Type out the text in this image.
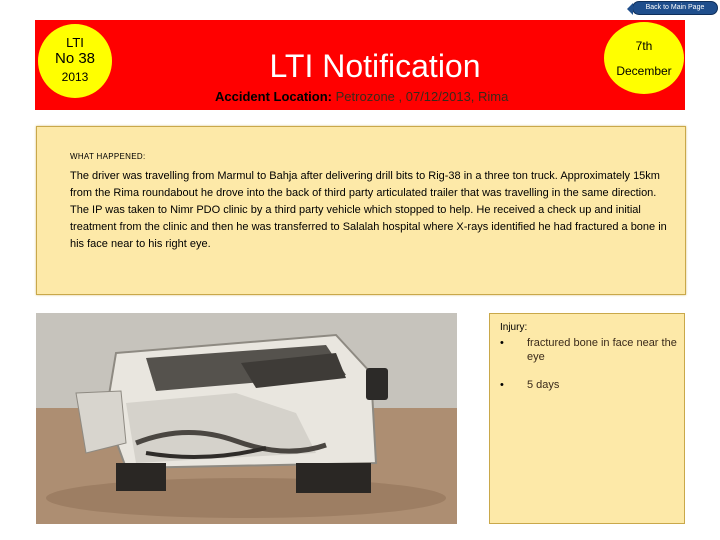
Back to Main Page
LTI
No 38
2013	LTI Notification
7th
December
Accident Location: Petrozone , 07/12/2013, Rima
WHAT HAPPENED:

The driver was travelling from Marmul to Bahja after delivering drill bits to Rig-38 in a three ton truck. Approximately 15km from the Rima roundabout he drove into the back of third party articulated trailer that was travelling in the same direction.

The IP was taken to Nimr PDO clinic by a third party vehicle which stopped to help. He received a check up and initial treatment from the clinic and then he was transferred to Salalah hospital where X-rays identified he had fractured a bone in his face near to his right eye.

Injury:
• fractured bone in face near the eye
• 5 days
